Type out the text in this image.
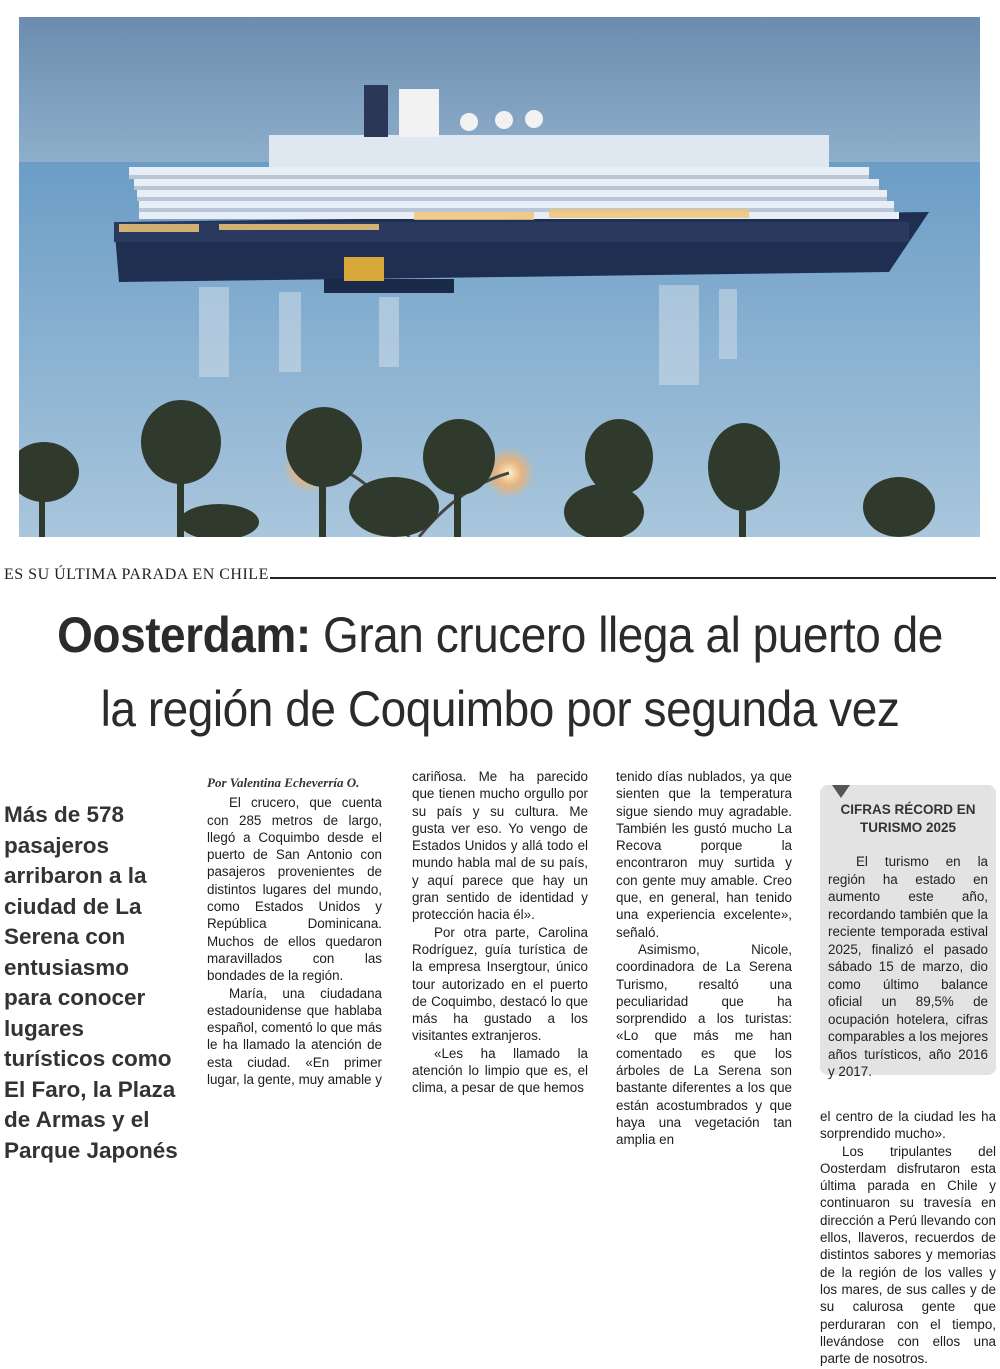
ES SU ÚLTIMA PARADA EN CHILE
Oosterdam: Gran crucero llega al puerto de la región de Coquimbo por segunda vez
Más de 578 pasajeros arribaron a la ciudad de La Serena con entusiasmo para conocer lugares turísticos como El Faro, la Plaza de Armas y el Parque Japonés

Por Valentina Echeverría O.

El crucero, que cuenta con 285 metros de largo, llegó a Coquimbo desde el puerto de San Antonio con pasajeros provenientes de distintos lugares del mundo, como Estados Unidos y República Dominicana. Muchos de ellos quedaron maravillados con las bondades de la región.

María, una ciudadana estadounidense que hablaba español, comentó lo que más le ha llamado la atención de esta ciudad. «En primer lugar, la gente, muy amable y

cariñosa. Me ha parecido que tienen mucho orgullo por su país y su cultura. Me gusta ver eso. Yo vengo de Estados Unidos y allá todo el mundo habla mal de su país, y aquí parece que hay un gran sentido de identidad y protección hacia él».

Por otra parte, Carolina Rodríguez, guía turística de la empresa Insergtour, único tour autorizado en el puerto de Coquimbo, destacó lo que más ha gustado a los visitantes extranjeros.

«Les ha llamado la atención lo limpio que es, el clima, a pesar de que hemos

tenido días nublados, ya que sienten que la temperatura sigue siendo muy agradable. También les gustó mucho La Recova porque la encontraron muy surtida y con gente muy amable. Creo que, en general, han tenido una experiencia excelente», señaló.

Asimismo, Nicole, coordinadora de La Serena Turismo, resaltó una peculiaridad que ha sorprendido a los turistas: «Lo que más me han comentado es que los árboles de La Serena son bastante diferentes a los que están acostumbrados y que haya una vegetación tan amplia en

CIFRAS RÉCORD EN TURISMO 2025
El turismo en la región ha estado en aumento este año, recordando también que la reciente temporada estival 2025, finalizó el pasado sábado 15 de marzo, dio como último balance oficial un 89,5% de ocupación hotelera, cifras comparables a los mejores años turísticos, año 2016 y 2017.

el centro de la ciudad les ha sorprendido mucho».

Los tripulantes del Oosterdam disfrutaron esta última parada en Chile y continuaron su travesía en dirección a Perú llevando con ellos, llaveros, recuerdos de distintos sabores y memorias de la región de los valles y los mares, de sus calles y de su calurosa gente que perduraran con el tiempo, llevándose con ellos una parte de nosotros.
